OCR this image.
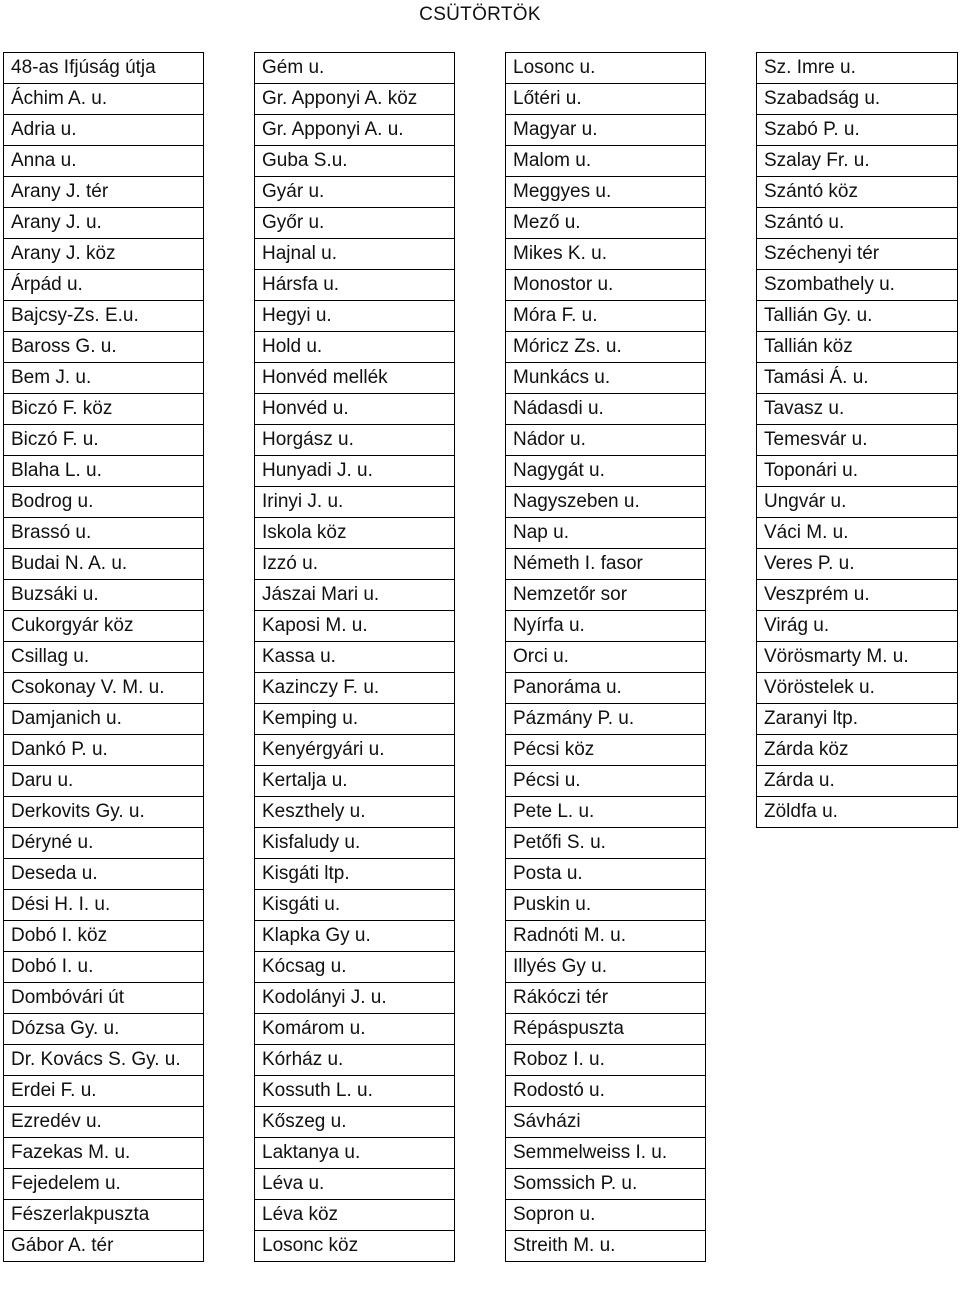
CSÜTÖRTÖK
48-as Ifjúság útja
Áchim A. u.
Adria u.
Anna u.
Arany J. tér
Arany J. u.
Arany J. köz
Árpád u.
Bajcsy-Zs. E.u.
Baross G. u.
Bem J. u.
Biczó F. köz
Biczó F. u.
Blaha L. u.
Bodrog u.
Brassó u.
Budai N. A. u.
Buzsáki u.
Cukorgyár köz
Csillag u.
Csokonay V. M. u.
Damjanich u.
Dankó P. u.
Daru u.
Derkovits Gy. u.
Déryné u.
Deseda u.
Dési H. I. u.
Dobó I. köz
Dobó I. u.
Dombóvári út
Dózsa Gy. u.
Dr. Kovács S. Gy. u.
Erdei F. u.
Ezredév u.
Fazekas M. u.
Fejedelem u.
Fészerlakpuszta
Gábor A. tér
Gém u.
Gr. Apponyi A. köz
Gr. Apponyi A. u.
Guba S.u.
Gyár u.
Győr u.
Hajnal u.
Hársfa u.
Hegyi u.
Hold u.
Honvéd mellék
Honvéd u.
Horgász u.
Hunyadi J. u.
Irinyi J. u.
Iskola köz
Izzó u.
Jászai Mari u.
Kaposi M. u.
Kassa u.
Kazinczy F. u.
Kemping u.
Kenyérgyári u.
Kertalja u.
Keszthely u.
Kisfaludy u.
Kisgáti ltp.
Kisgáti u.
Klapka Gy u.
Kócsag u.
Kodolányi J. u.
Komárom u.
Kórház u.
Kossuth L. u.
Kőszeg u.
Laktanya u.
Léva u.
Léva köz
Losonc köz
Losonc u.
Lőtéri u.
Magyar u.
Malom u.
Meggyes u.
Mező u.
Mikes K. u.
Monostor u.
Móra F. u.
Móricz Zs. u.
Munkács u.
Nádasdi u.
Nádor u.
Nagygát u.
Nagyszeben u.
Nap u.
Németh I. fasor
Nemzetőr sor
Nyírfa u.
Orci u.
Panoráma u.
Pázmány P. u.
Pécsi köz
Pécsi u.
Pete L. u.
Petőfi S. u.
Posta u.
Puskin u.
Radnóti M. u.
Illyés Gy u.
Rákóczi tér
Répáspuszta
Roboz I. u.
Rodostó u.
Sávházi
Semmelweiss I. u.
Somssich P. u.
Sopron u.
Streith M. u.
Sz. Imre u.
Szabadság u.
Szabó P. u.
Szalay Fr. u.
Szántó köz
Szántó u.
Széchenyi tér
Szombathely u.
Tallián Gy. u.
Tallián köz
Tamási Á. u.
Tavasz u.
Temesvár u.
Toponári u.
Ungvár u.
Váci M. u.
Veres P. u.
Veszprém u.
Virág u.
Vörösmarty M. u.
Vöröstelek u.
Zaranyi ltp.
Zárda köz
Zárda u.
Zöldfa u.
